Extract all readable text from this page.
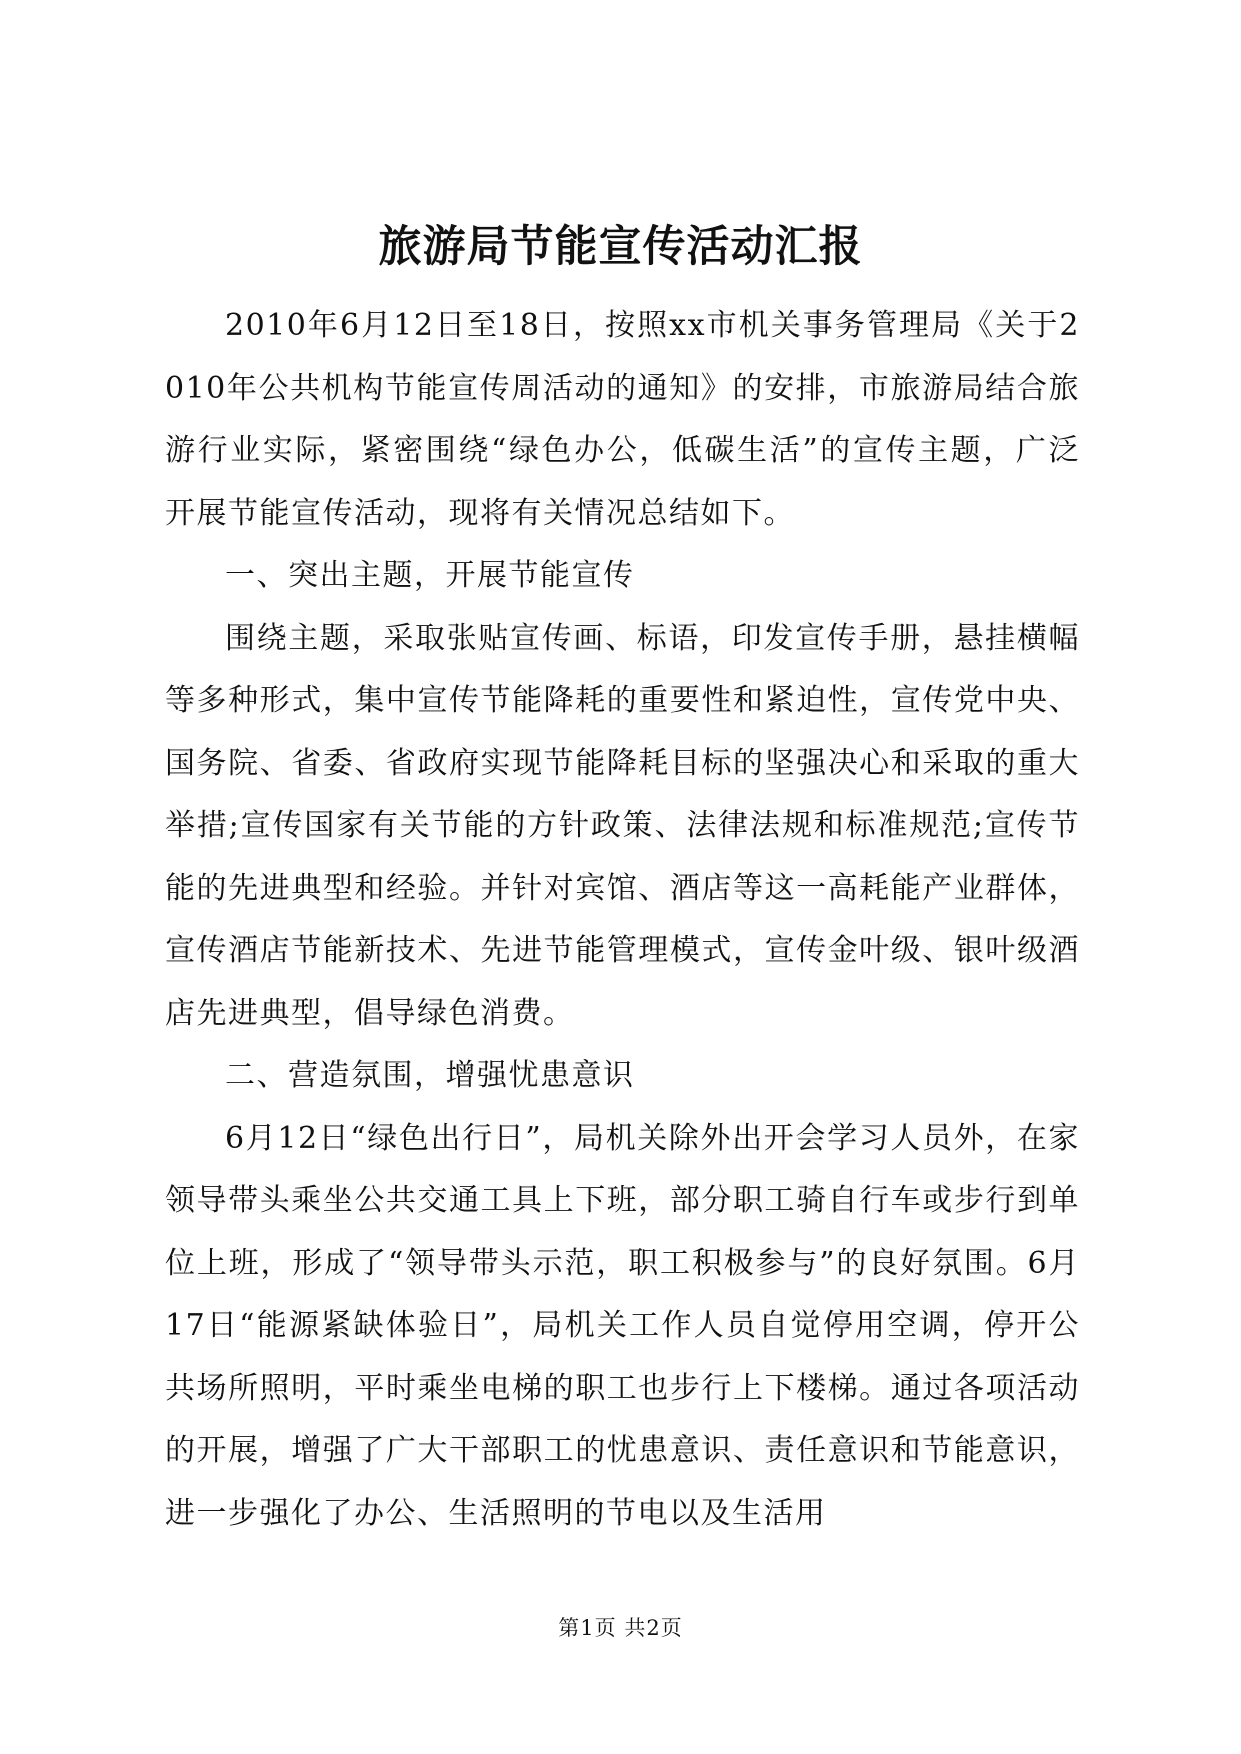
旅游局节能宣传活动汇报

2010年6月12日至18日，按照xx市机关事务管理局《关于2010年公共机构节能宣传周活动的通知》的安排，市旅游局结合旅游行业实际，紧密围绕“绿色办公，低碳生活”的宣传主题，广泛开展节能宣传活动，现将有关情况总结如下。

一、突出主题，开展节能宣传

围绕主题，采取张贴宣传画、标语，印发宣传手册，悬挂横幅等多种形式，集中宣传节能降耗的重要性和紧迫性，宣传党中央、国务院、省委、省政府实现节能降耗目标的坚强决心和采取的重大举措;宣传国家有关节能的方针政策、法律法规和标准规范;宣传节能的先进典型和经验。并针对宾馆、酒店等这一高耗能产业群体，宣传酒店节能新技术、先进节能管理模式，宣传金叶级、银叶级酒店先进典型，倡导绿色消费。

二、营造氛围，增强忧患意识

6月12日“绿色出行日”，局机关除外出开会学习人员外，在家领导带头乘坐公共交通工具上下班，部分职工骑自行车或步行到单位上班，形成了“领导带头示范，职工积极参与”的良好氛围。6月17日“能源紧缺体验日”，局机关工作人员自觉停用空调，停开公共场所照明，平时乘坐电梯的职工也步行上下楼梯。通过各项活动的开展，增强了广大干部职工的忧患意识、责任意识和节能意识，进一步强化了办公、生活照明的节电以及生活用

第1页 共2页
